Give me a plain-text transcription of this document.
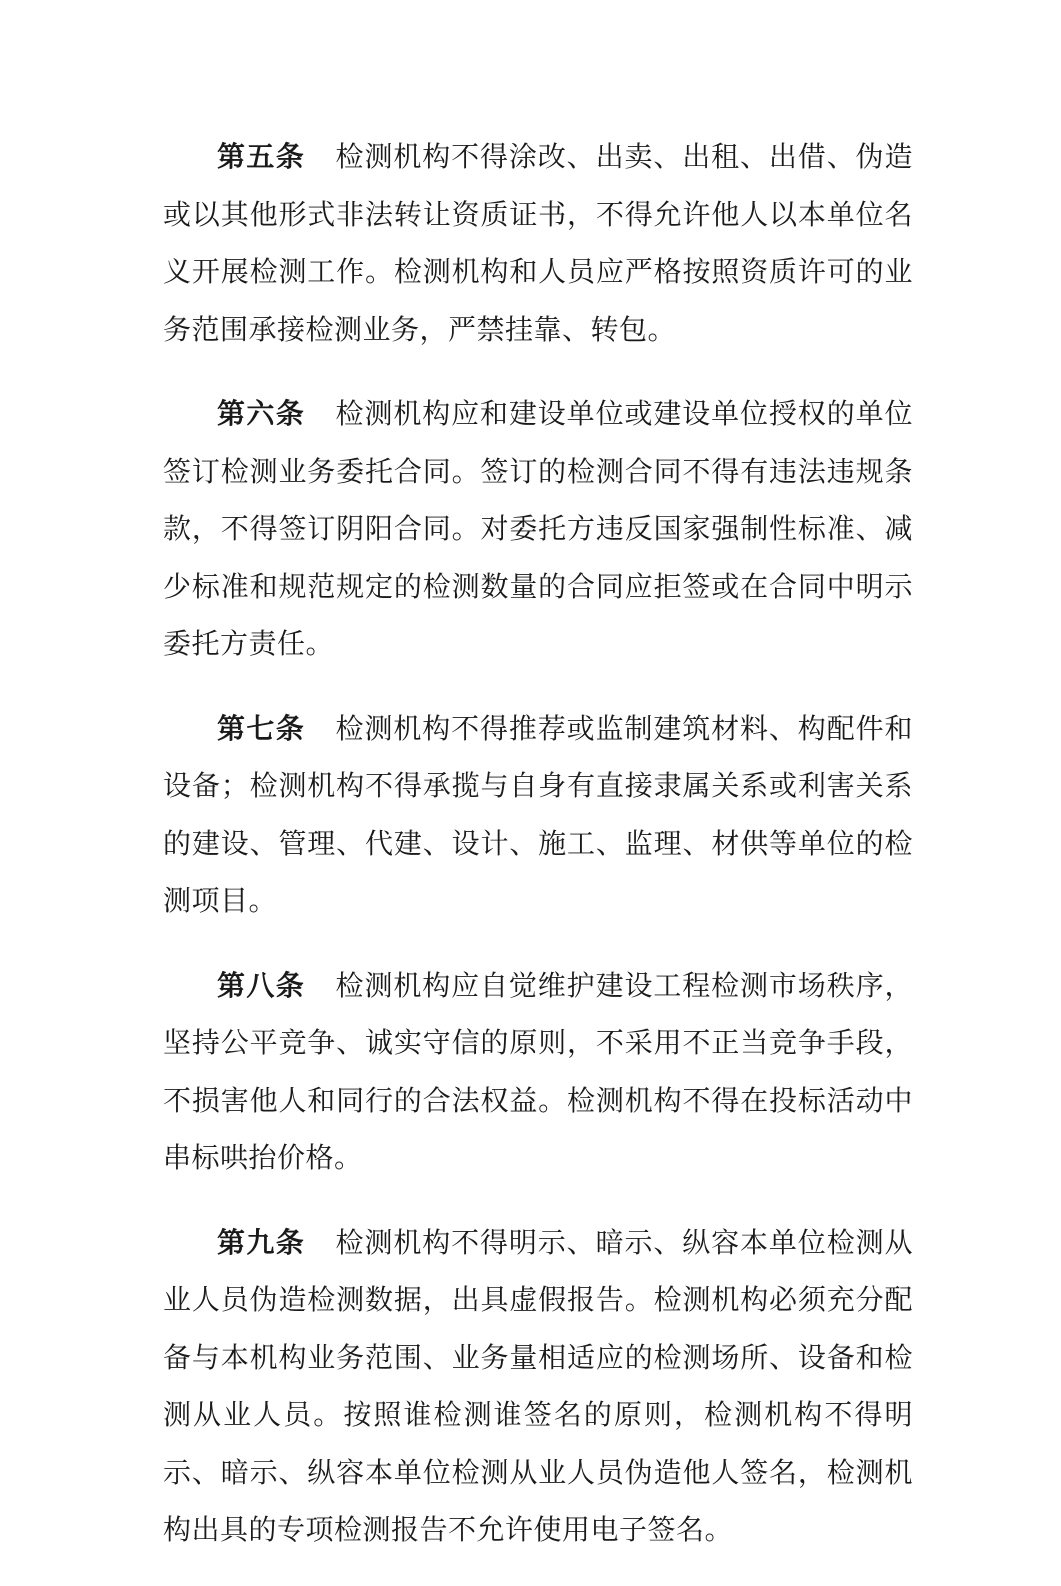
第五条 检测机构不得涂改、出卖、出租、出借、伪造或以其他形式非法转让资质证书，不得允许他人以本单位名义开展检测工作。检测机构和人员应严格按照资质许可的业务范围承接检测业务，严禁挂靠、转包。

第六条 检测机构应和建设单位或建设单位授权的单位签订检测业务委托合同。签订的检测合同不得有违法违规条款，不得签订阴阳合同。对委托方违反国家强制性标准、减少标准和规范规定的检测数量的合同应拒签或在合同中明示委托方责任。

第七条 检测机构不得推荐或监制建筑材料、构配件和设备；检测机构不得承揽与自身有直接隶属关系或利害关系的建设、管理、代建、设计、施工、监理、材供等单位的检测项目。

第八条 检测机构应自觉维护建设工程检测市场秩序，坚持公平竞争、诚实守信的原则，不采用不正当竞争手段，不损害他人和同行的合法权益。检测机构不得在投标活动中串标哄抬价格。

第九条 检测机构不得明示、暗示、纵容本单位检测从业人员伪造检测数据，出具虚假报告。检测机构必须充分配备与本机构业务范围、业务量相适应的检测场所、设备和检测从业人员。按照谁检测谁签名的原则，检测机构不得明示、暗示、纵容本单位检测从业人员伪造他人签名，检测机构出具的专项检测报告不允许使用电子签名。
